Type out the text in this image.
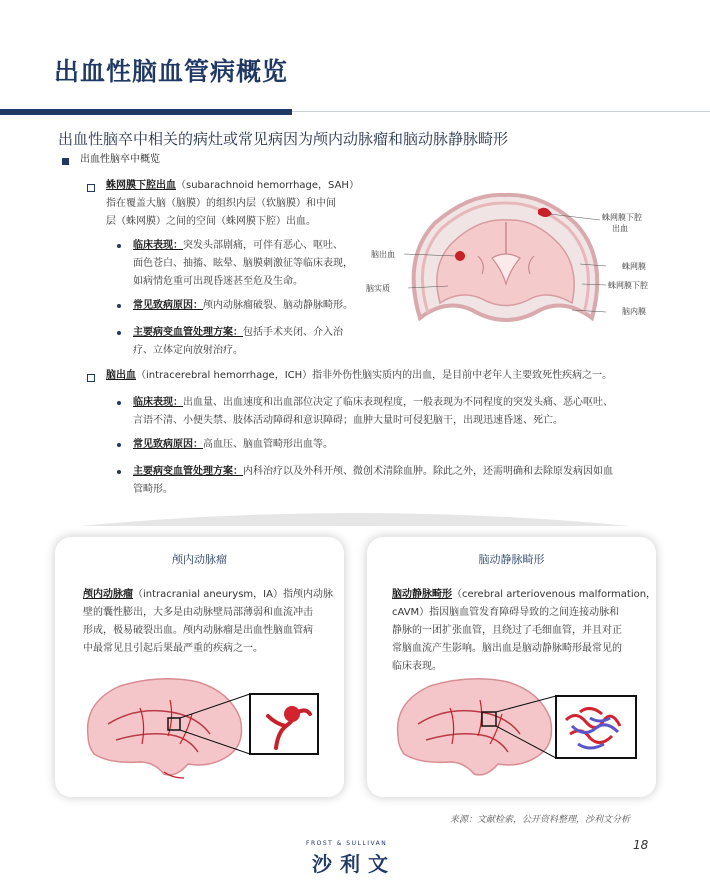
出血性脑血管病概览
出血性脑卒中相关的病灶或常见病因为颅内动脉瘤和脑动脉静脉畸形
出血性脑卒中概览
蛛网膜下腔出血（subarachnoid hemorrhage，SAH）
指在覆盖大脑（脑膜）的组织内层（软脑膜）和中间
层（蛛网膜）之间的空间（蛛网膜下腔）出血。
临床表现：突发头部剧痛，可伴有恶心、呕吐、
面色苍白、抽搐、眩晕、脑膜刺激征等临床表现，
如病情危重可出现昏迷甚至危及生命。
常见致病原因：颅内动脉瘤破裂、脑动静脉畸形。
主要病变血管处理方案：包括手术夹闭、介入治
疗、立体定向放射治疗。
蛛网膜下腔
出血
脑出血
蛛网膜
蛛网膜下腔
脑实质
脑内膜
脑出血（intracerebral hemorrhage，ICH）指非外伤性脑实质内的出血，是目前中老年人主要致死性疾病之一。
临床表现：出血量、出血速度和出血部位决定了临床表现程度，一般表现为不同程度的突发头痛、恶心呕吐、
言语不清、小便失禁、肢体活动障碍和意识障碍；血肿大量时可侵犯脑干，出现迅速昏迷、死亡。
常见致病原因：高血压、脑血管畸形出血等。
主要病变血管处理方案：内科治疗以及外科开颅、微创术清除血肿。除此之外，还需明确和去除原发病因如血
管畸形。
颅内动脉瘤
颅内动脉瘤（intracranial aneurysm，IA）指颅内动脉
壁的囊性膨出，大多是由动脉壁局部薄弱和血流冲击
形成，极易破裂出血。颅内动脉瘤是出血性脑血管病
中最常见且引起后果最严重的疾病之一。
脑动静脉畸形
脑动静脉畸形（cerebral arteriovenous malformation，
cAVM）指因脑血管发育障碍导致的之间连接动脉和
静脉的一团扩张血管，且绕过了毛细血管，并且对正
常脑血流产生影响。脑出血是脑动静脉畸形最常见的
临床表现。
来源：文献检索，公开资料整理，沙利文分析
FROST & SULLIVAN
沙利文
18
